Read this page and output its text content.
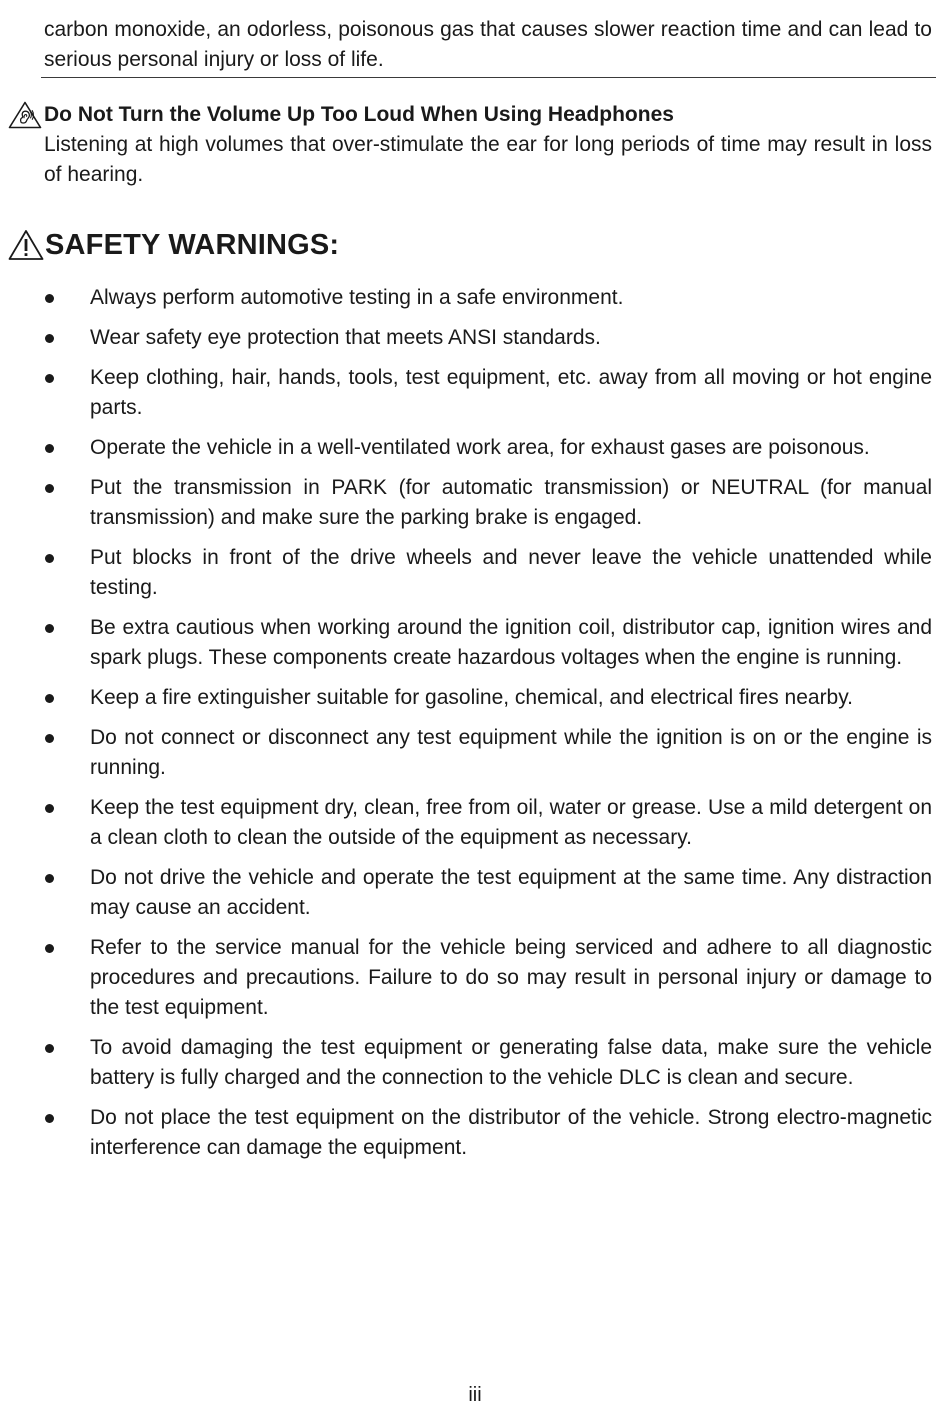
carbon monoxide, an odorless, poisonous gas that causes slower reaction time and can lead to serious personal injury or loss of life.

Do Not Turn the Volume Up Too Loud When Using Headphones

Listening at high volumes that over-stimulate the ear for long periods of time may result in loss of hearing.

SAFETY WARNINGS:
Always perform automotive testing in a safe environment.
Wear safety eye protection that meets ANSI standards.
Keep clothing, hair, hands, tools, test equipment, etc. away from all moving or hot engine parts.
Operate the vehicle in a well-ventilated work area, for exhaust gases are poisonous.
Put the transmission in PARK (for automatic transmission) or NEUTRAL (for manual transmission) and make sure the parking brake is engaged.
Put blocks in front of the drive wheels and never leave the vehicle unattended while testing.
Be extra cautious when working around the ignition coil, distributor cap, ignition wires and spark plugs. These components create hazardous voltages when the engine is running.
Keep a fire extinguisher suitable for gasoline, chemical, and electrical fires nearby.
Do not connect or disconnect any test equipment while the ignition is on or the engine is running.
Keep the test equipment dry, clean, free from oil, water or grease. Use a mild detergent on a clean cloth to clean the outside of the equipment as necessary.
Do not drive the vehicle and operate the test equipment at the same time. Any distraction may cause an accident.
Refer to the service manual for the vehicle being serviced and adhere to all diagnostic procedures and precautions. Failure to do so may result in personal injury or damage to the test equipment.
To avoid damaging the test equipment or generating false data, make sure the vehicle battery is fully charged and the connection to the vehicle DLC is clean and secure.
Do not place the test equipment on the distributor of the vehicle. Strong electro-magnetic interference can damage the equipment.

iii
